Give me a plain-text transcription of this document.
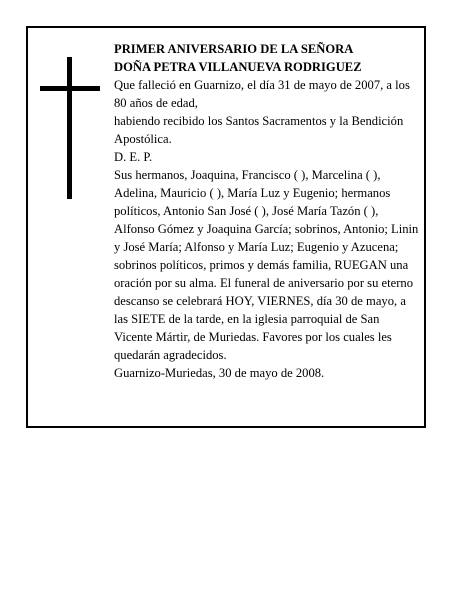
PRIMER ANIVERSARIO DE LA SEÑORA

DOÑA PETRA VILLANUEVA RODRIGUEZ

Que falleció en Guarnizo, el día 31 de mayo de 2007, a los 80 años de edad,

habiendo recibido los Santos Sacramentos y la Bendición Apostólica.

D. E. P.

Sus hermanos, Joaquina, Francisco ( ), Marcelina ( ), Adelina, Mauricio ( ), María Luz y Eugenio; hermanos políticos, Antonio San José ( ), José María Tazón ( ), Alfonso Gómez y Joaquina García; sobrinos, Antonio; Linin y José María; Alfonso y María Luz; Eugenio y Azucena; sobrinos políticos, primos y demás familia, RUEGAN una oración por su alma. El funeral de aniversario por su eterno descanso se celebrará HOY, VIERNES, día 30 de mayo, a las SIETE de la tarde, en la iglesia parroquial de San Vicente Mártir, de Muriedas. Favores por los cuales les quedarán agradecidos.

Guarnizo-Muriedas, 30 de mayo de 2008.
